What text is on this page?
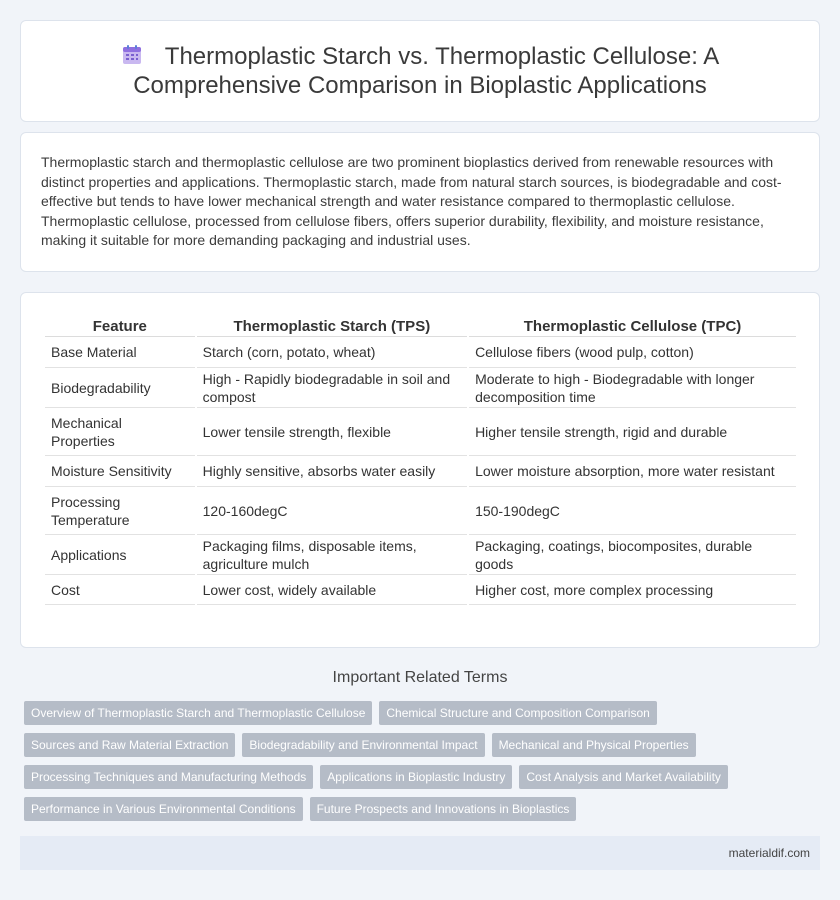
Thermoplastic Starch vs. Thermoplastic Cellulose: A Comprehensive Comparison in Bioplastic Applications

Thermoplastic starch and thermoplastic cellulose are two prominent bioplastics derived from renewable resources with distinct properties and applications. Thermoplastic starch, made from natural starch sources, is biodegradable and cost-effective but tends to have lower mechanical strength and water resistance compared to thermoplastic cellulose. Thermoplastic cellulose, processed from cellulose fibers, offers superior durability, flexibility, and moisture resistance, making it suitable for more demanding packaging and industrial uses.

Feature	Thermoplastic Starch (TPS)	Thermoplastic Cellulose (TPC)
Base Material	Starch (corn, potato, wheat)	Cellulose fibers (wood pulp, cotton)
Biodegradability	High - Rapidly biodegradable in soil and compost	Moderate to high - Biodegradable with longer decomposition time
Mechanical Properties	Lower tensile strength, flexible	Higher tensile strength, rigid and durable
Moisture Sensitivity	Highly sensitive, absorbs water easily	Lower moisture absorption, more water resistant
Processing Temperature	120-160degC	150-190degC
Applications	Packaging films, disposable items, agriculture mulch	Packaging, coatings, biocomposites, durable goods
Cost	Lower cost, widely available	Higher cost, more complex processing
Important Related Terms
Overview of Thermoplastic Starch and Thermoplastic Cellulose	Chemical Structure and Composition Comparison
Sources and Raw Material Extraction	Biodegradability and Environmental Impact	Mechanical and Physical Properties
Processing Techniques and Manufacturing Methods	Applications in Bioplastic Industry	Cost Analysis and Market Availability
Performance in Various Environmental Conditions	Future Prospects and Innovations in Bioplastics
materialdif.com
